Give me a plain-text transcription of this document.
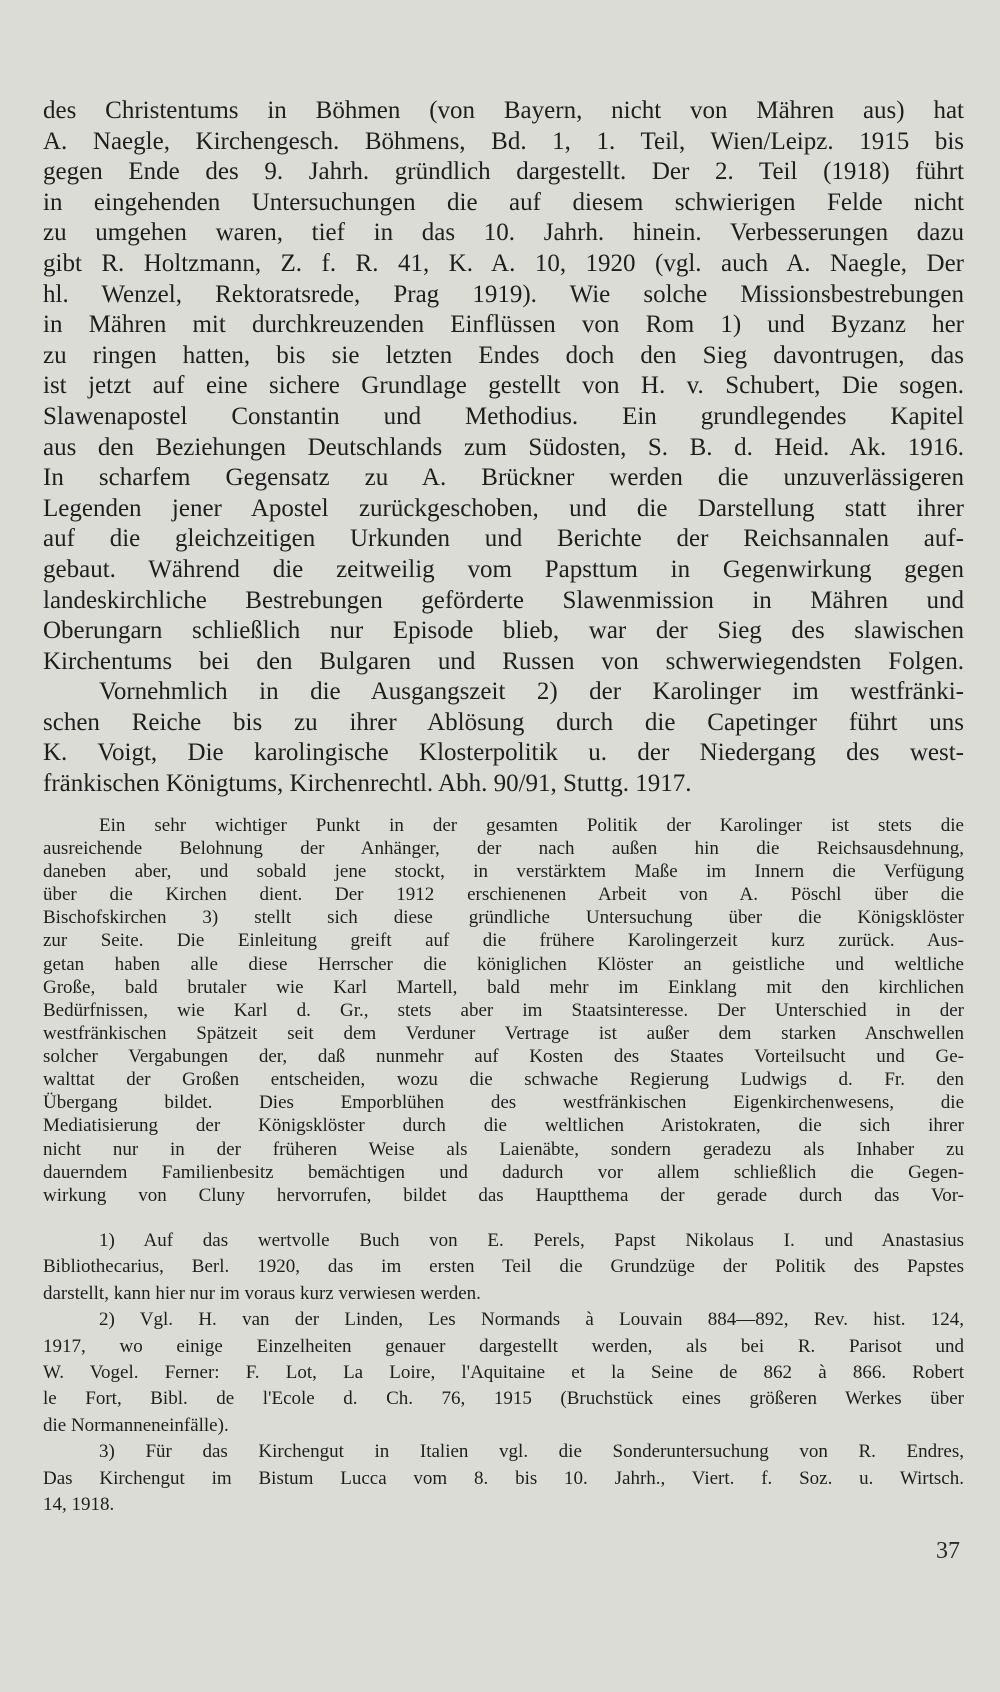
des Christentums in Böhmen (von Bayern, nicht von Mähren aus) hat
A. Naegle, Kirchengesch. Böhmens, Bd. 1, 1. Teil, Wien/Leipz. 1915 bis
gegen Ende des 9. Jahrh. gründlich dargestellt. Der 2. Teil (1918) führt
in eingehenden Untersuchungen die auf diesem schwierigen Felde nicht
zu umgehen waren, tief in das 10. Jahrh. hinein. Verbesserungen dazu
gibt R. Holtzmann, Z. f. R. 41, K. A. 10, 1920 (vgl. auch A. Naegle, Der
hl. Wenzel, Rektoratsrede, Prag 1919). Wie solche Missionsbestrebungen
in Mähren mit durchkreuzenden Einflüssen von Rom 1) und Byzanz her
zu ringen hatten, bis sie letzten Endes doch den Sieg davontrugen, das
ist jetzt auf eine sichere Grundlage gestellt von H. v. Schubert, Die sogen.
Slawenapostel Constantin und Methodius. Ein grundlegendes Kapitel
aus den Beziehungen Deutschlands zum Südosten, S. B. d. Heid. Ak. 1916.
In scharfem Gegensatz zu A. Brückner werden die unzuverlässigeren
Legenden jener Apostel zurückgeschoben, und die Darstellung statt ihrer
auf die gleichzeitigen Urkunden und Berichte der Reichsannalen auf-
gebaut. Während die zeitweilig vom Papsttum in Gegenwirkung gegen
landeskirchliche Bestrebungen geförderte Slawenmission in Mähren und
Oberungarn schließlich nur Episode blieb, war der Sieg des slawischen
Kirchentums bei den Bulgaren und Russen von schwerwiegendsten Folgen.
Vornehmlich in die Ausgangszeit 2) der Karolinger im westfränki-
schen Reiche bis zu ihrer Ablösung durch die Capetinger führt uns
K. Voigt, Die karolingische Klosterpolitik u. der Niedergang des west-
fränkischen Königtums, Kirchenrechtl. Abh. 90/91, Stuttg. 1917.
Ein sehr wichtiger Punkt in der gesamten Politik der Karolinger ist stets die
ausreichende Belohnung der Anhänger, der nach außen hin die Reichsausdehnung,
daneben aber, und sobald jene stockt, in verstärktem Maße im Innern die Verfügung
über die Kirchen dient. Der 1912 erschienenen Arbeit von A. Pöschl über die
Bischofskirchen 3) stellt sich diese gründliche Untersuchung über die Königsklöster
zur Seite. Die Einleitung greift auf die frühere Karolingerzeit kurz zurück. Aus-
getan haben alle diese Herrscher die königlichen Klöster an geistliche und weltliche
Große, bald brutaler wie Karl Martell, bald mehr im Einklang mit den kirchlichen
Bedürfnissen, wie Karl d. Gr., stets aber im Staatsinteresse. Der Unterschied in der
westfränkischen Spätzeit seit dem Verduner Vertrage ist außer dem starken Anschwellen
solcher Vergabungen der, daß nunmehr auf Kosten des Staates Vorteilsucht und Ge-
walttat der Großen entscheiden, wozu die schwache Regierung Ludwigs d. Fr. den
Übergang bildet. Dies Emporblühen des westfränkischen Eigenkirchenwesens, die
Mediatisierung der Königsklöster durch die weltlichen Aristokraten, die sich ihrer
nicht nur in der früheren Weise als Laienäbte, sondern geradezu als Inhaber zu
dauerndem Familienbesitz bemächtigen und dadurch vor allem schließlich die Gegen-
wirkung von Cluny hervorrufen, bildet das Hauptthema der gerade durch das Vor-
1) Auf das wertvolle Buch von E. Perels, Papst Nikolaus I. und Anastasius
Bibliothecarius, Berl. 1920, das im ersten Teil die Grundzüge der Politik des Papstes
darstellt, kann hier nur im voraus kurz verwiesen werden.
2) Vgl. H. van der Linden, Les Normands à Louvain 884—892, Rev. hist. 124,
1917, wo einige Einzelheiten genauer dargestellt werden, als bei R. Parisot und
W. Vogel. Ferner: F. Lot, La Loire, l'Aquitaine et la Seine de 862 à 866. Robert
le Fort, Bibl. de l'Ecole d. Ch. 76, 1915 (Bruchstück eines größeren Werkes über
die Normanneneinfälle).
3) Für das Kirchengut in Italien vgl. die Sonderuntersuchung von R. Endres,
Das Kirchengut im Bistum Lucca vom 8. bis 10. Jahrh., Viert. f. Soz. u. Wirtsch.
14, 1918.
37
